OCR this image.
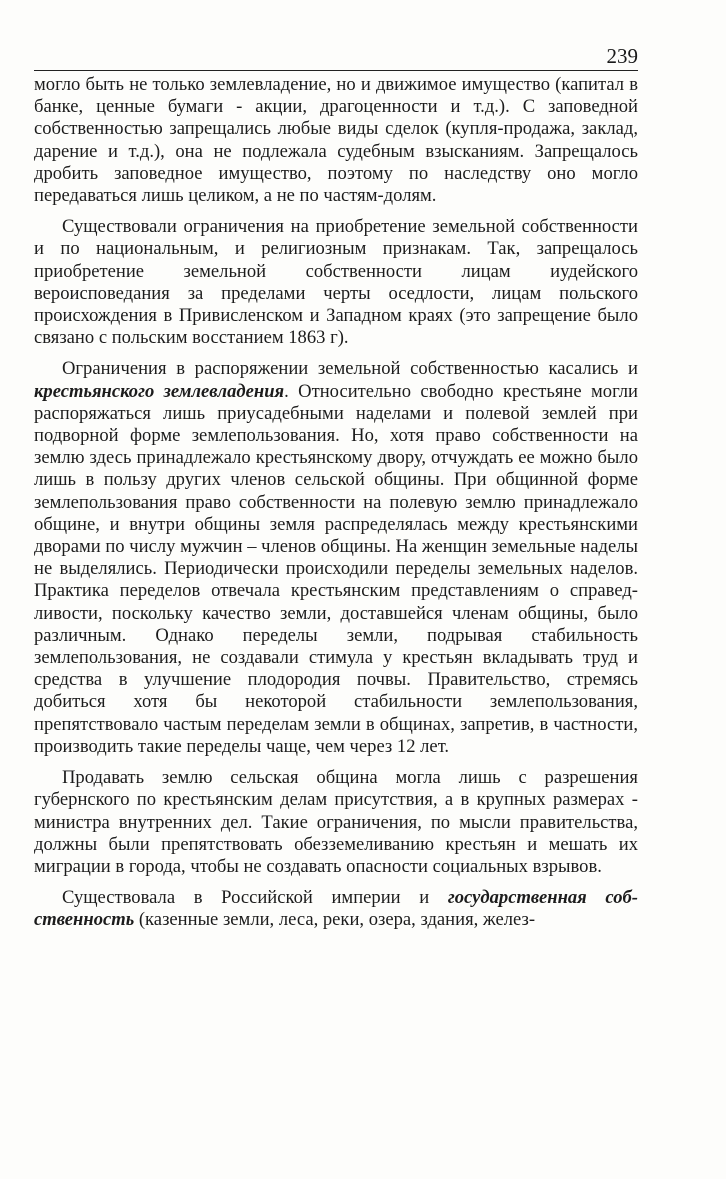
239

могло быть не только землевладение, но и движимое имущество (капитал в банке, ценные бумаги - акции, драгоценности и т.д.). С заповедной собственностью запрещались любые виды сделок (купля-продажа, заклад, дарение и т.д.), она не подлежала судебным взысканиям. Запрещалось дробить заповедное имущество, поэтому по наследству оно могло передаваться лишь целиком, а не по частям-долям.

Существовали ограничения на приобретение земельной собственности и по национальным, и религиозным признакам. Так, запрещалось приобретение земельной собственности лицам иудейского вероисповедания за пределами черты оседлости, лицам польского происхождения в Привисленском и Западном краях (это запрещение было связано с польским восстанием 1863 г).

Ограничения в распоряжении земельной собственностью касались и крестьянского землевладения. Относительно свободно крестьяне могли распоряжаться лишь приусадебными наделами и полевой землей при подворной форме землепользования. Но, хотя право собственности на землю здесь принадлежало крестьянскому двору, отчуждать ее можно было лишь в пользу других членов сельской общины. При общинной форме землепользования право собственности на полевую землю принадлежало общине, и внутри общины земля распределялась между крестьянскими дворами по числу мужчин – членов общины. На женщин земельные наделы не выделялись. Периодически происходили переделы земельных наделов. Практика переделов отвечала крестьянским представлениям о справедливости, поскольку качество земли, доставшейся членам общины, было различным. Однако переделы земли, подрывая стабильность землепользования, не создавали стимула у крестьян вкладывать труд и средства в улучшение плодородия почвы. Правительство, стремясь добиться хотя бы некоторой стабильности землепользования, препятствовало частым переделам земли в общинах, запретив, в частности, производить такие переделы чаще, чем через 12 лет.

Продавать землю сельская община могла лишь с разрешения губернского по крестьянским делам присутствия, а в крупных размерах - министра внутренних дел. Такие ограничения, по мысли правительства, должны были препятствовать обезземеливанию крестьян и мешать их миграции в города, чтобы не создавать опасности социальных взрывов.

Существовала в Российской империи и государственная собственность (казенные земли, леса, реки, озера, здания, желез-
